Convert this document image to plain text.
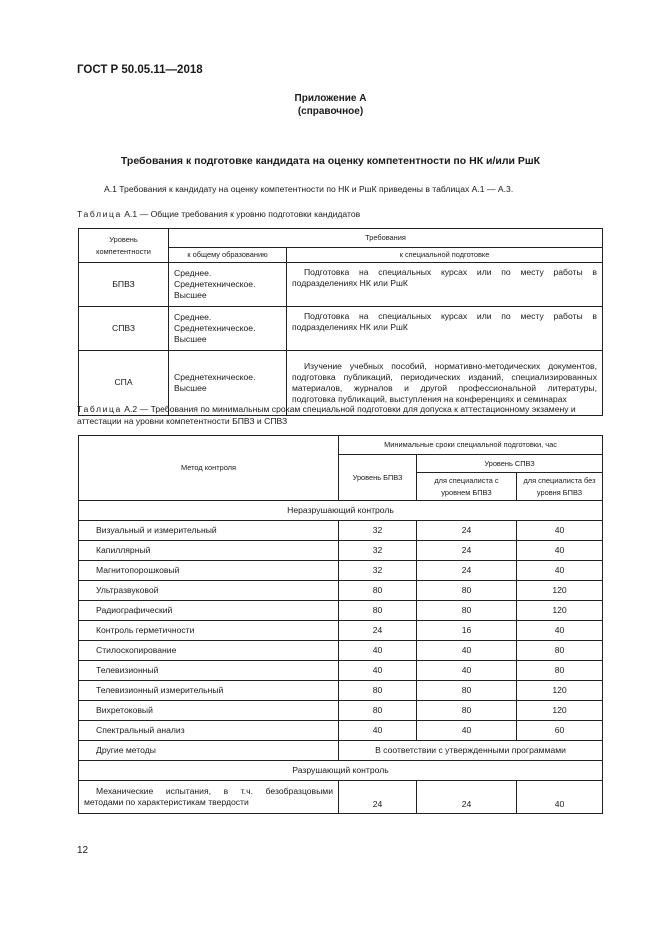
ГОСТ Р 50.05.11—2018
Приложение А
(справочное)
Требования к подготовке кандидата на оценку компетентности по НК и/или РшК
А.1 Требования к кандидату на оценку компетентности по НК и РшК приведены в таблицах А.1 — А.3.
Таблица А.1 — Общие требования к уровню подготовки кандидатов
Уровень компетентности	Требования	
	к общему образованию	к специальной подготовке
БПВЗ	Среднее.
Среднетехническое.
Высшее	Подготовка на специальных курсах или по месту работы в подразделениях НК или РшК
СПВЗ	Среднее.
Среднетехническое.
Высшее	Подготовка на специальных курсах или по месту работы в подразделениях НК или РшК
СПА	Среднетехническое.
Высшее	Изучение учебных пособий, нормативно-методических документов, подготовка публикаций, периодических изданий, специализированных материалов, журналов и другой профессиональной литературы, подготовка публикаций, выступления на конференциях и семинарах
Таблица А.2 — Требования по минимальным срокам специальной подготовки для допуска к аттестационному экзамену и аттестации на уровни компетентности БПВЗ и СПВЗ
Метод контроля	Минимальные сроки специальной подготовки, час		
	Уровень БПВЗ	Уровень СПВЗ	
		для специалиста с уровнем БПВЗ	для специалиста без уровня БПВЗ
Неразрушающий контроль			
Визуальный и измерительный	32	24	40
Капиллярный	32	24	40
Магнитопорошковый	32	24	40
Ультразвуковой	80	80	120
Радиографический	80	80	120
Контроль герметичности	24	16	40
Стилоскопирование	40	40	80
Телевизионный	40	40	80
Телевизионный измерительный	80	80	120
Вихретоковый	80	80	120
Спектральный анализ	40	40	60
Другие методы	В соответствии с утвержденными программами		
Разрушающий контроль			
Механические испытания, в т.ч. безобразцовыми методами по характеристикам твердости	24	24	40
12
